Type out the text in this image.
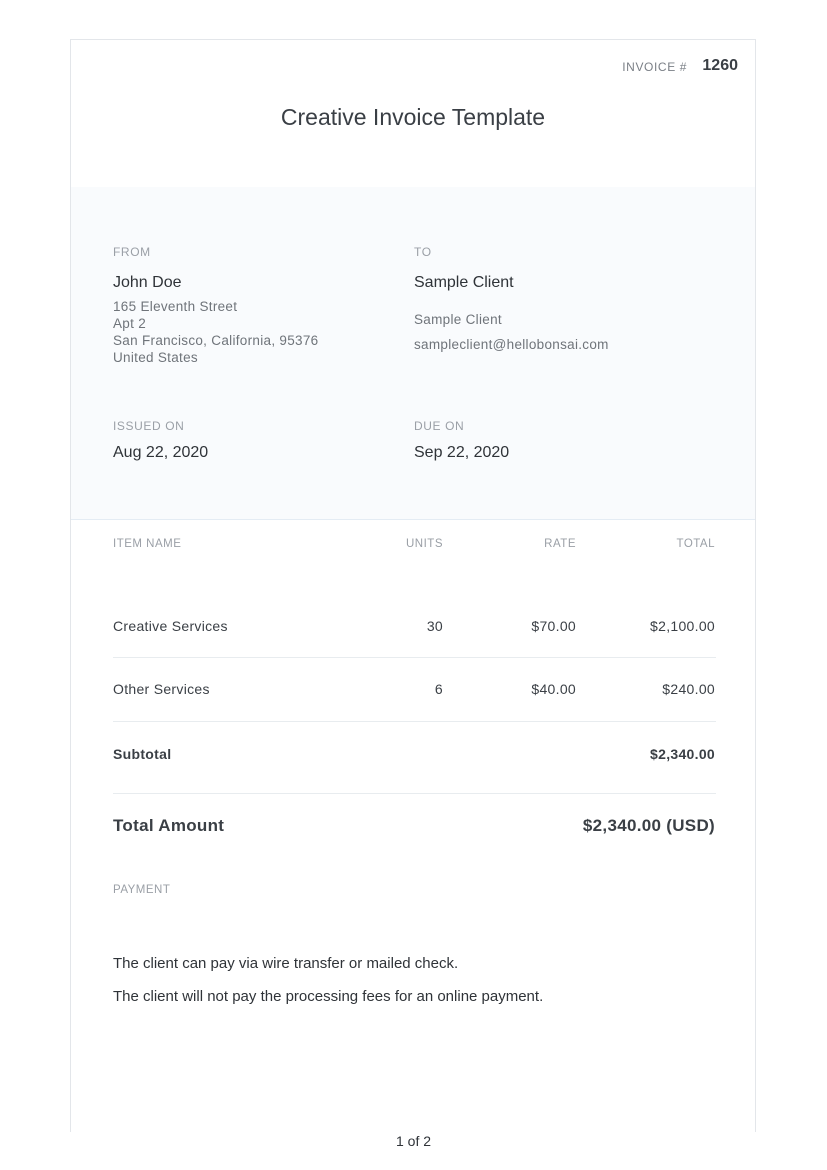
INVOICE # 1260
Creative Invoice Template
FROM
John Doe
165 Eleventh Street
Apt 2
San Francisco, California, 95376
United States
TO
Sample Client
Sample Client
sampleclient@hellobonsai.com
ISSUED ON
Aug 22, 2020
DUE ON
Sep 22, 2020
ITEM NAME	UNITS	RATE	TOTAL
Creative Services	30	$70.00	$2,100.00
Other Services	6	$40.00	$240.00
Subtotal	$2,340.00
Total Amount	$2,340.00 (USD)
PAYMENT
The client can pay via wire transfer or mailed check.
The client will not pay the processing fees for an online payment.
1 of 2
